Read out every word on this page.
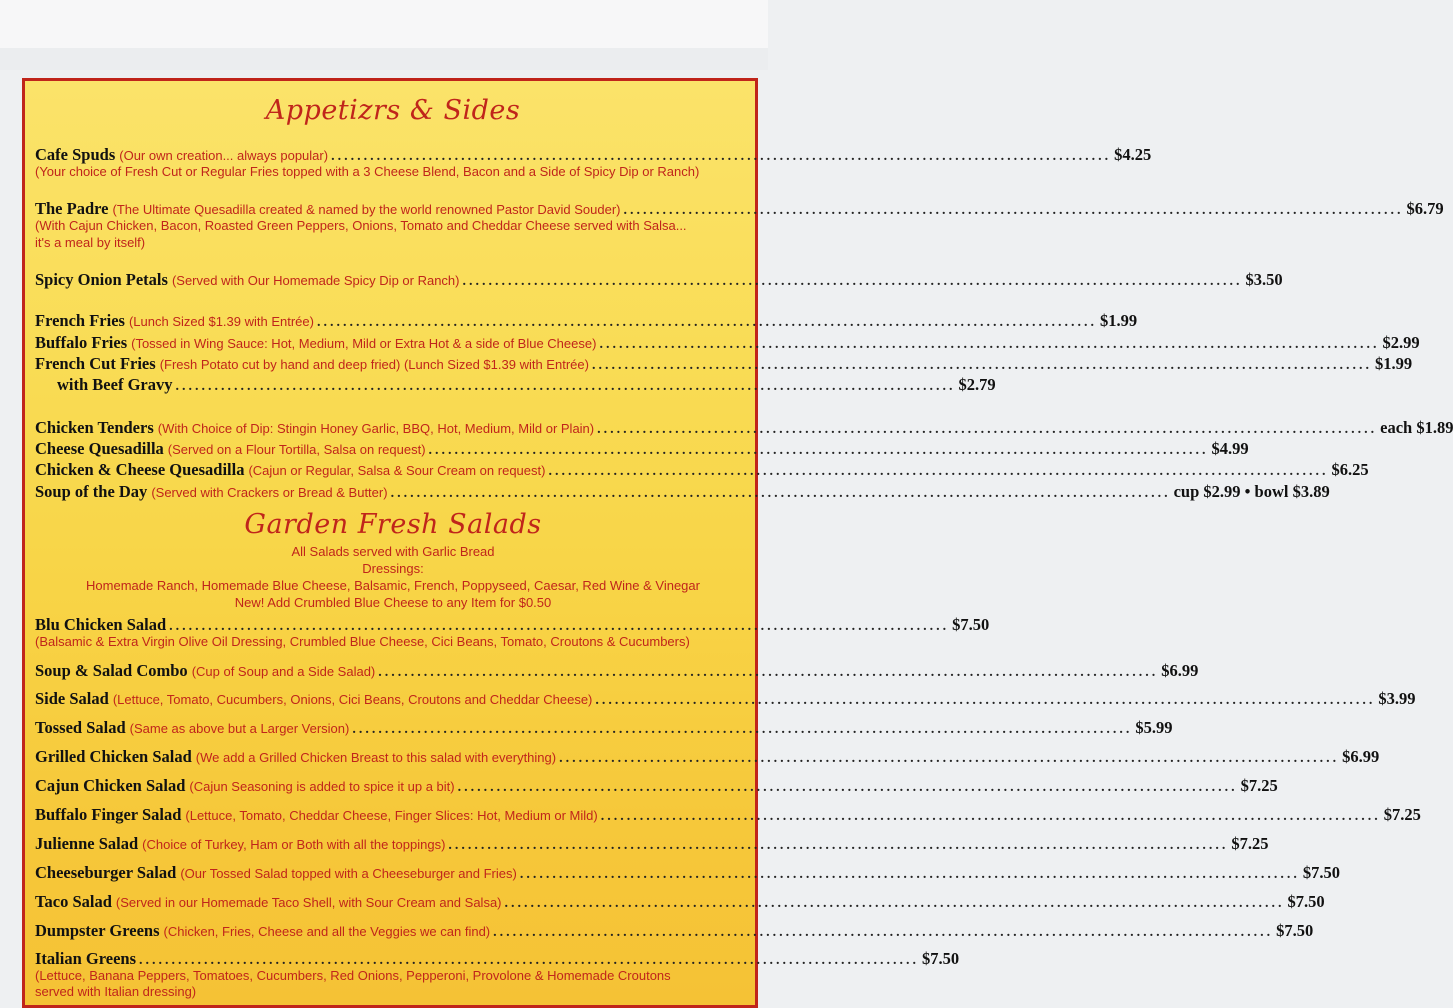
Appetizrs & Sides
Cafe Spuds (Our own creation... always popular) ........................................................................................................................ $4.25
(Your choice of Fresh Cut or Regular Fries topped with a 3 Cheese Blend, Bacon and a Side of Spicy Dip or Ranch)
The Padre (The Ultimate Quesadilla created & named by the world renowned Pastor David Souder) ........................................................................................................................ $6.79
(With Cajun Chicken, Bacon, Roasted Green Peppers, Onions, Tomato and Cheddar Cheese served with Salsa...
it's a meal by itself)
Spicy Onion Petals (Served with Our Homemade Spicy Dip or Ranch) ........................................................................................................................ $3.50
French Fries (Lunch Sized $1.39 with Entrée) ........................................................................................................................ $1.99
Buffalo Fries (Tossed in Wing Sauce: Hot, Medium, Mild or Extra Hot & a side of Blue Cheese) ........................................................................................................................ $2.99
French Cut Fries (Fresh Potato cut by hand and deep fried) (Lunch Sized $1.39 with Entrée) ........................................................................................................................ $1.99
with Beef Gravy ........................................................................................................................ $2.79
Chicken Tenders (With Choice of Dip: Stingin Honey Garlic, BBQ, Hot, Medium, Mild or Plain) ........................................................................................................................ each $1.89
Cheese Quesadilla (Served on a Flour Tortilla, Salsa on request) ........................................................................................................................ $4.99
Chicken & Cheese Quesadilla (Cajun or Regular, Salsa & Sour Cream on request) ........................................................................................................................ $6.25
Soup of the Day (Served with Crackers or Bread & Butter) ........................................................................................................................ cup $2.99 • bowl $3.89
Garden Fresh Salads
All Salads served with Garlic Bread
Dressings:
Homemade Ranch, Homemade Blue Cheese, Balsamic, French, Poppyseed, Caesar, Red Wine & Vinegar
New! Add Crumbled Blue Cheese to any Item for $0.50
Blu Chicken Salad ........................................................................................................................ $7.50
(Balsamic & Extra Virgin Olive Oil Dressing, Crumbled Blue Cheese, Cici Beans, Tomato, Croutons & Cucumbers)
Soup & Salad Combo (Cup of Soup and a Side Salad) ........................................................................................................................ $6.99
Side Salad (Lettuce, Tomato, Cucumbers, Onions, Cici Beans, Croutons and Cheddar Cheese) ........................................................................................................................ $3.99
Tossed Salad (Same as above but a Larger Version) ........................................................................................................................ $5.99
Grilled Chicken Salad (We add a Grilled Chicken Breast to this salad with everything) ........................................................................................................................ $6.99
Cajun Chicken Salad (Cajun Seasoning is added to spice it up a bit) ........................................................................................................................ $7.25
Buffalo Finger Salad (Lettuce, Tomato, Cheddar Cheese, Finger Slices: Hot, Medium or Mild) ........................................................................................................................ $7.25
Julienne Salad (Choice of Turkey, Ham or Both with all the toppings) ........................................................................................................................ $7.25
Cheeseburger Salad (Our Tossed Salad topped with a Cheeseburger and Fries) ........................................................................................................................ $7.50
Taco Salad (Served in our Homemade Taco Shell, with Sour Cream and Salsa) ........................................................................................................................ $7.50
Dumpster Greens (Chicken, Fries, Cheese and all the Veggies we can find) ........................................................................................................................ $7.50
Italian Greens ........................................................................................................................ $7.50
(Lettuce, Banana Peppers, Tomatoes, Cucumbers, Red Onions, Pepperoni, Provolone & Homemade Croutons
served with Italian dressing)
